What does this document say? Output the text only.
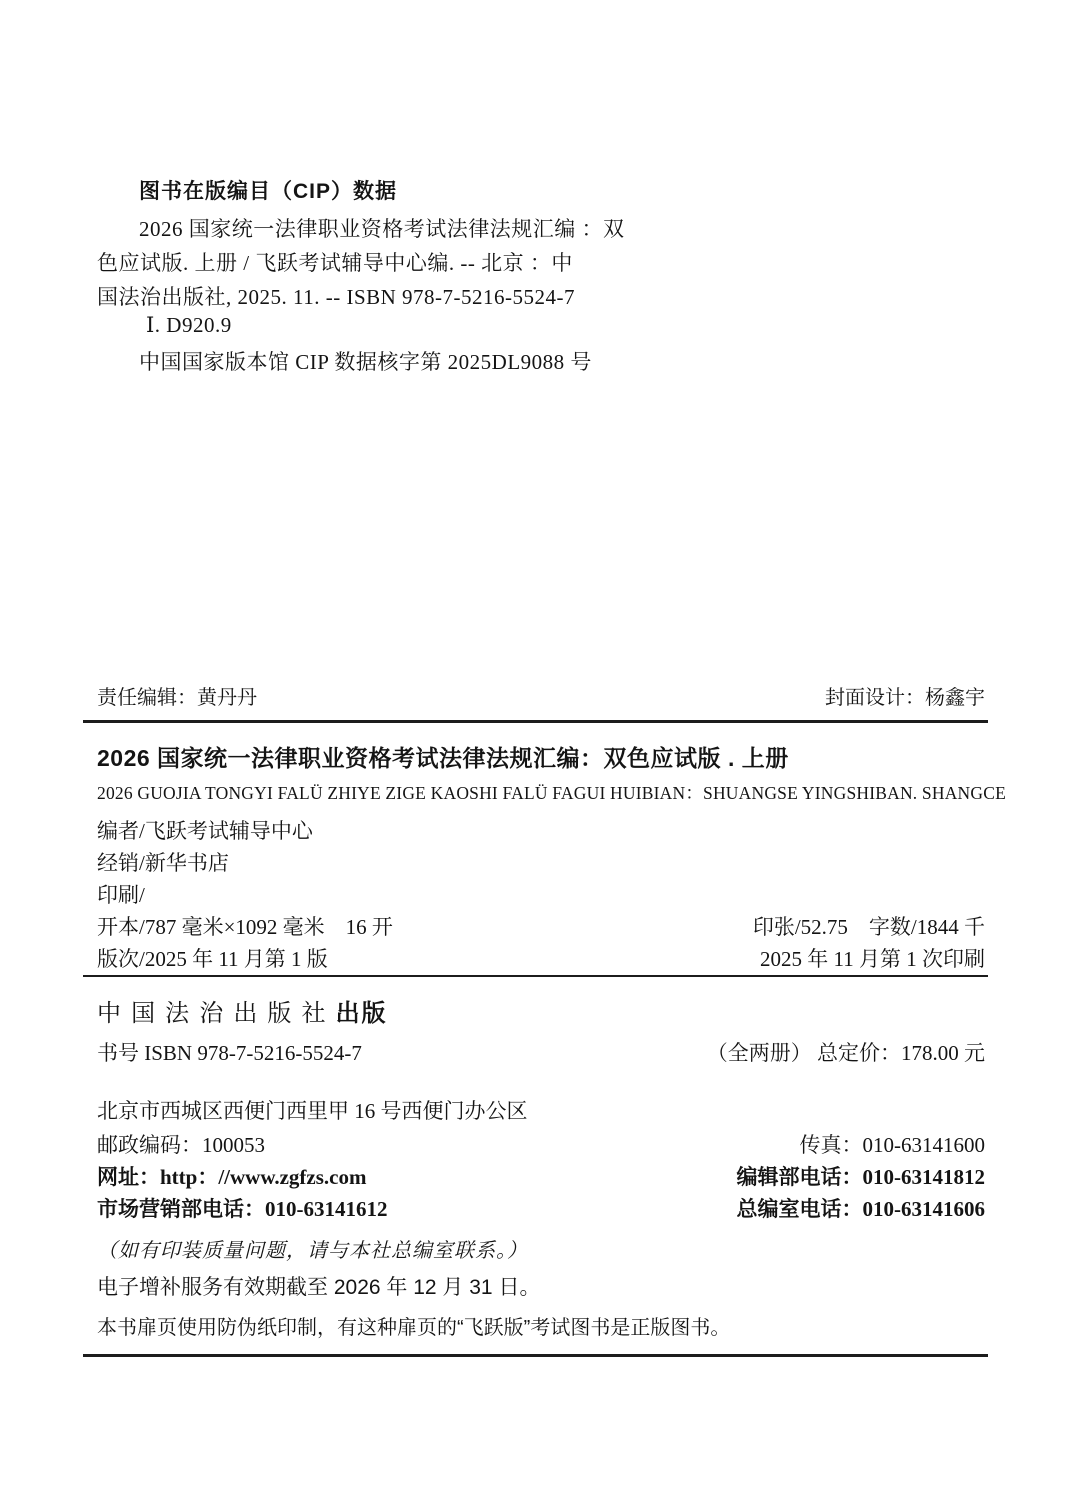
图书在版编目（CIP）数据
2026 国家统一法律职业资格考试法律法规汇编 ：双
色应试版. 上册 / 飞跃考试辅导中心编. -- 北京 ：中
国法治出版社, 2025. 11. -- ISBN 978-7-5216-5524-7
Ⅰ. D920.9
中国国家版本馆 CIP 数据核字第 2025DL9088 号
责任编辑：黄丹丹	封面设计：杨鑫宇
2026 国家统一法律职业资格考试法律法规汇编：双色应试版 . 上册
2026 GUOJIA TONGYI FALÜ ZHIYE ZIGE KAOSHI FALÜ FAGUI HUIBIAN：SHUANGSE YINGSHIBAN. SHANGCE
编者/飞跃考试辅导中心
经销/新华书店
印刷/
开本/787 毫米×1092 毫米　16 开	印张/52.75　字数/1844 千
版次/2025 年 11 月第 1 版	2025 年 11 月第 1 次印刷
中国法治出版社出版
书号 ISBN 978-7-5216-5524-7	（全两册） 总定价：178.00 元
北京市西城区西便门西里甲 16 号西便门办公区
邮政编码：100053	传真：010-63141600
网址：http：//www.zgfzs.com	编辑部电话：010-63141812
市场营销部电话：010-63141612	总编室电话：010-63141606
（如有印装质量问题，请与本社总编室联系。）
电子增补服务有效期截至 2026 年 12 月 31 日。
本书扉页使用防伪纸印制，有这种扉页的“飞跃版”考试图书是正版图书。
